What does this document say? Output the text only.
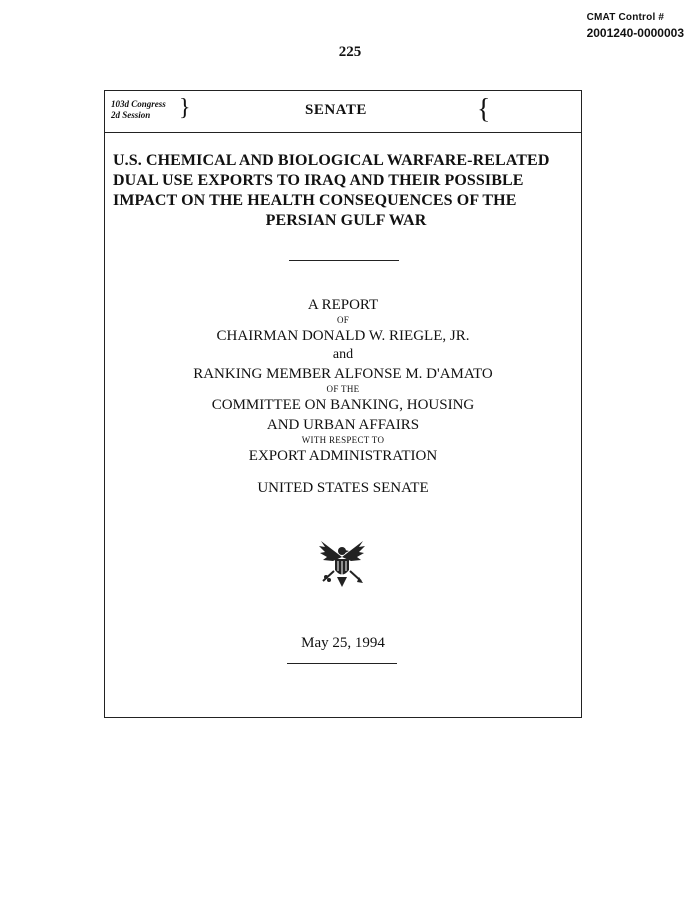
CMAT Control #
2001240-0000003
225
103d Congress
2d Session	}	SENATE	{
U.S. CHEMICAL AND BIOLOGICAL WARFARE-RELATED
DUAL USE EXPORTS TO IRAQ AND THEIR POSSIBLE
IMPACT ON THE HEALTH CONSEQUENCES OF THE
PERSIAN GULF WAR
A REPORT
OF
CHAIRMAN DONALD W. RIEGLE, JR.
and
RANKING MEMBER ALFONSE M. D'AMATO
OF THE
COMMITTEE ON BANKING, HOUSING
AND URBAN AFFAIRS
WITH RESPECT TO
EXPORT ADMINISTRATION
UNITED STATES SENATE
May 25, 1994
